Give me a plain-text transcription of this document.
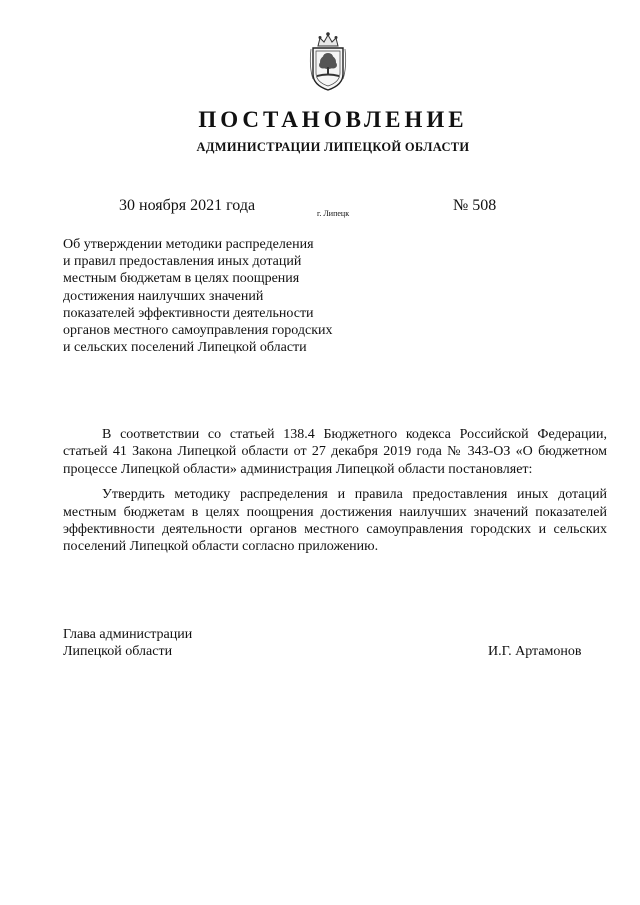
ПОСТАНОВЛЕНИЕ
АДМИНИСТРАЦИИ ЛИПЕЦКОЙ ОБЛАСТИ
30 ноября 2021 года	г. Липецк	№ 508
Об утверждении методики распределения
и правил предоставления иных дотаций
местным бюджетам в целях поощрения
достижения наилучших значений
показателей эффективности деятельности
органов местного самоуправления городских
и сельских поселений Липецкой области

В соответствии со статьей 138.4 Бюджетного кодекса Российской Федерации, статьей 41 Закона Липецкой области от 27 декабря 2019 года № 343-ОЗ «О бюджетном процессе Липецкой области» администрация Липецкой области постановляет:

Утвердить методику распределения и правила предоставления иных дотаций местным бюджетам в целях поощрения достижения наилучших значений показателей эффективности деятельности органов местного самоуправления городских и сельских поселений Липецкой области согласно приложению.

Глава администрации
Липецкой области	И.Г. Артамонов
